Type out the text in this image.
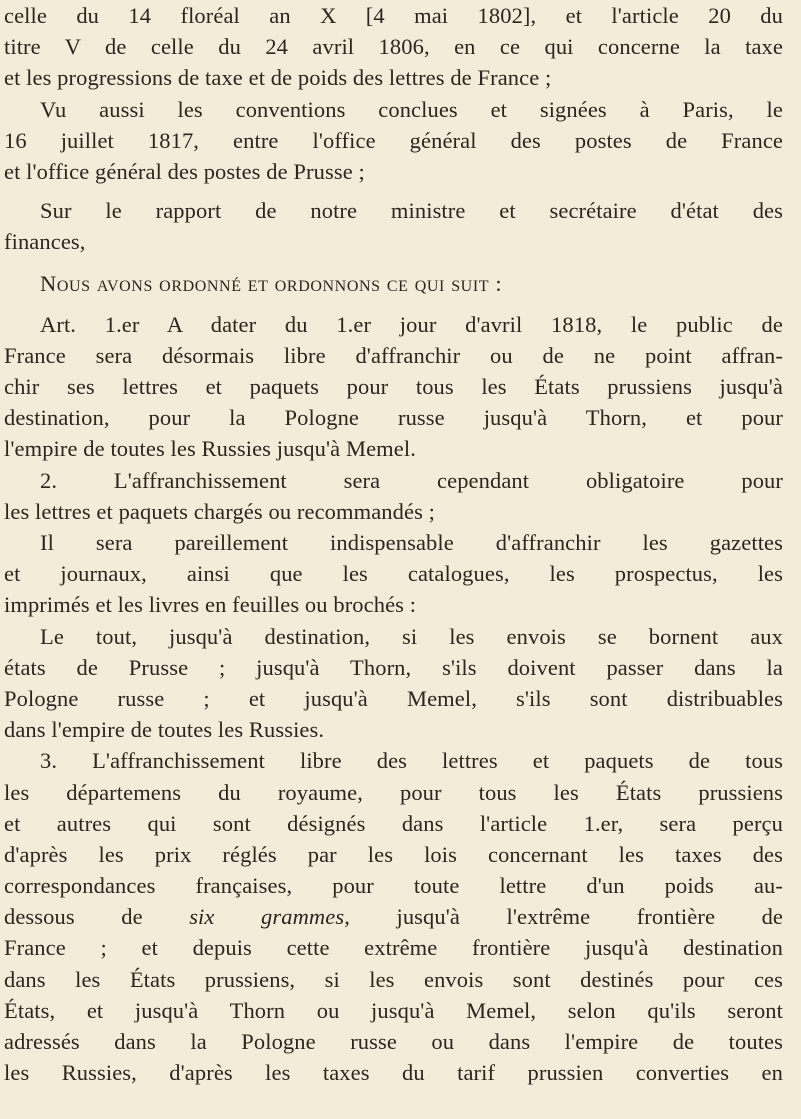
celle du 14 floréal an X [4 mai 1802], et l'article 20 du
titre V de celle du 24 avril 1806, en ce qui concerne la taxe
et les progressions de taxe et de poids des lettres de France ;
Vu aussi les conventions conclues et signées à Paris, le
16 juillet 1817, entre l'office général des postes de France
et l'office général des postes de Prusse ;
Sur le rapport de notre ministre et secrétaire d'état des
finances,
Nous avons ordonné et ordonnons ce qui suit :
Art. 1.er A dater du 1.er jour d'avril 1818, le public de
France sera désormais libre d'affranchir ou de ne point affran-
chir ses lettres et paquets pour tous les États prussiens jusqu'à
destination, pour la Pologne russe jusqu'à Thorn, et pour
l'empire de toutes les Russies jusqu'à Memel.
2. L'affranchissement sera cependant obligatoire pour
les lettres et paquets chargés ou recommandés ;
Il sera pareillement indispensable d'affranchir les gazettes
et journaux, ainsi que les catalogues, les prospectus, les
imprimés et les livres en feuilles ou brochés :
Le tout, jusqu'à destination, si les envois se bornent aux
états de Prusse ; jusqu'à Thorn, s'ils doivent passer dans la
Pologne russe ; et jusqu'à Memel, s'ils sont distribuables
dans l'empire de toutes les Russies.
3. L'affranchissement libre des lettres et paquets de tous
les départemens du royaume, pour tous les États prussiens
et autres qui sont désignés dans l'article 1.er, sera perçu
d'après les prix réglés par les lois concernant les taxes des
correspondances françaises, pour toute lettre d'un poids au-
dessous de six grammes, jusqu'à l'extrême frontière de
France ; et depuis cette extrême frontière jusqu'à destination
dans les États prussiens, si les envois sont destinés pour ces
États, et jusqu'à Thorn ou jusqu'à Memel, selon qu'ils seront
adressés dans la Pologne russe ou dans l'empire de toutes
les Russies, d'après les taxes du tarif prussien converties en
